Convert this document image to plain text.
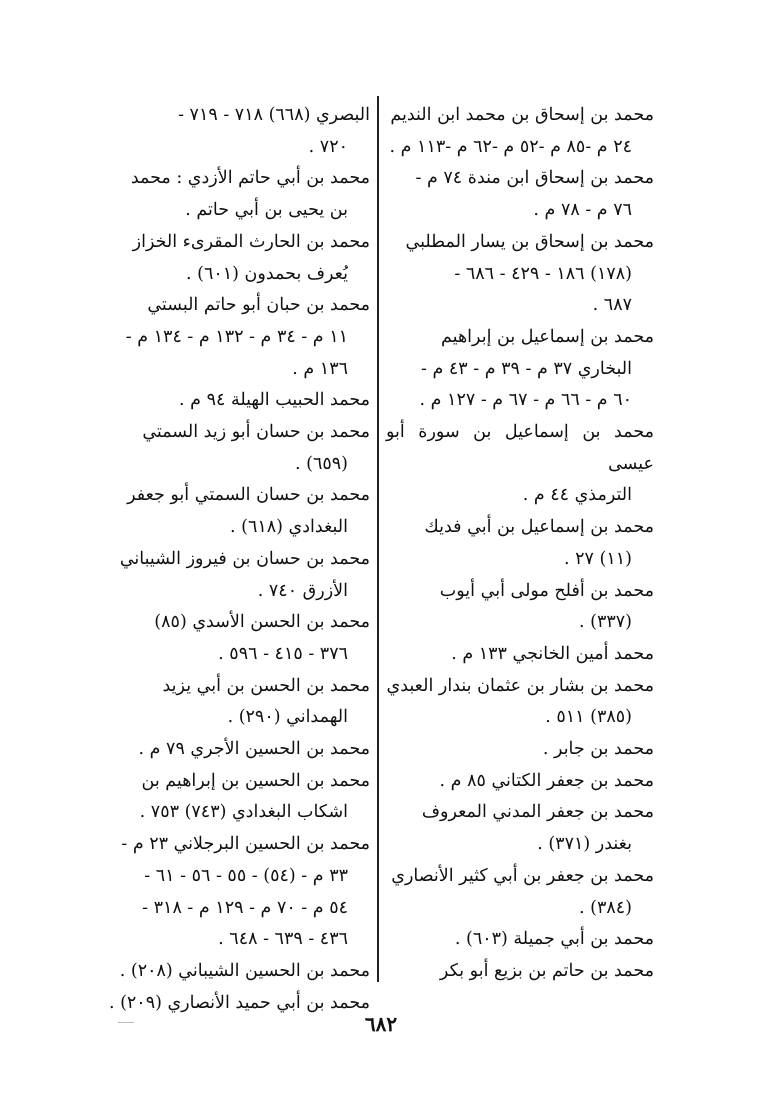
محمد بن إسحاق بن محمد ابن النديم
٢٤ م -٨٥ م -٥٢ م -٦٢ م -١١٣ م .
محمد بن إسحاق ابن مندة ٧٤ م -
٧٦ م - ٧٨ م .
محمد بن إسحاق بن يسار المطلبي
(١٧٨) ١٨٦ - ٤٢٩ - ٦٨٦ -
٦٨٧ .
محمد بن إسماعيل بن إبراهيم
البخاري ٣٧ م - ٣٩ م - ٤٣ م -
٦٠ م - ٦٦ م - ٦٧ م - ١٢٧ م .
محمد بن إسماعيل بن سورة أبو عيسى
الترمذي ٤٤ م .
محمد بن إسماعيل بن أبي فديك
(١١) ٢٧ .
محمد بن أفلح مولى أبي أيوب
(٣٣٧) .
محمد أمين الخانجي ١٣٣ م .
محمد بن بشار بن عثمان بندار العبدي
(٣٨٥) ٥١١ .
محمد بن جابر .
محمد بن جعفر الكتاني ٨٥ م .
محمد بن جعفر المدني المعروف
بغندر (٣٧١) .
محمد بن جعفر بن أبي كثير الأنصاري
(٣٨٤) .
محمد بن أبي جميلة (٦٠٣) .
محمد بن حاتم بن بزيع أبو بكر
البصري (٦٦٨) ٧١٨ - ٧١٩ -
٧٢٠ .
محمد بن أبي حاتم الأزدي : محمد
بن يحيى بن أبي حاتم .
محمد بن الحارث المقرىء الخزاز
يُعرف بحمدون (٦٠١) .
محمد بن حبان أبو حاتم البستي
١١ م - ٣٤ م - ١٣٢ م - ١٣٤ م -
١٣٦ م .
محمد الحبيب الهيلة ٩٤ م .
محمد بن حسان أبو زيد السمتي
(٦٥٩) .
محمد بن حسان السمتي أبو جعفر
البغدادي (٦١٨) .
محمد بن حسان بن فيروز الشيباني
الأزرق ٧٤٠ .
محمد بن الحسن الأسدي (٨٥)
٣٧٦ - ٤١٥ - ٥٩٦ .
محمد بن الحسن بن أبي يزيد
الهمداني (٢٩٠) .
محمد بن الحسين الأجري ٧٩ م .
محمد بن الحسين بن إبراهيم بن
اشكاب البغدادي (٧٤٣) ٧٥٣ .
محمد بن الحسين البرجلاني ٢٣ م -
٣٣ م - (٥٤) - ٥٥ - ٥٦ - ٦١ -
٥٤ م - ٧٠ م - ١٢٩ م - ٣١٨ -
٤٣٦ - ٦٣٩ - ٦٤٨ .
محمد بن الحسين الشيباني (٢٠٨) .
محمد بن أبي حميد الأنصاري (٢٠٩) .
٦٨٢
